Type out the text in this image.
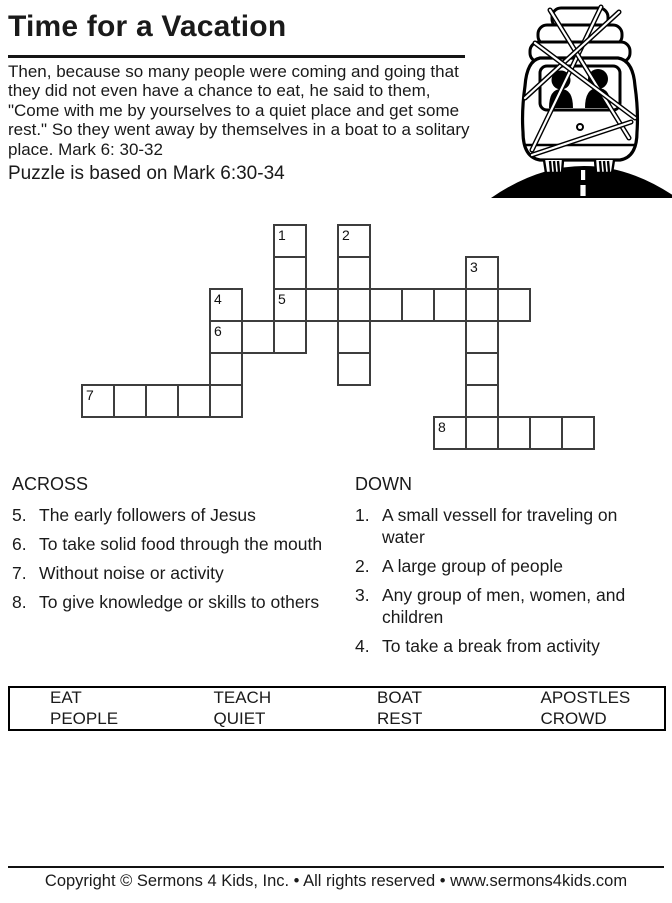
Time for a Vacation
Then, because so many people were coming and going that
they did not even have a chance to eat, he said to them,
"Come with me by yourselves to a quiet place and get some
rest." So they went away by themselves in a boat to a solitary
place. Mark 6: 30-32
Puzzle is based on Mark 6:30-34
1	2
3
4	5
6
7
8
ACROSS
5. The early followers of Jesus
6. To take solid food through the mouth
7. Without noise or activity
8. To give knowledge or skills to others
DOWN
1. A small vessell for traveling on water
2. A large group of people
3. Any group of men, women, and children
4. To take a break from activity
EAT	TEACH	BOAT	APOSTLES
PEOPLE	QUIET	REST	CROWD
Copyright © Sermons 4 Kids, Inc. • All rights reserved • www.sermons4kids.com
